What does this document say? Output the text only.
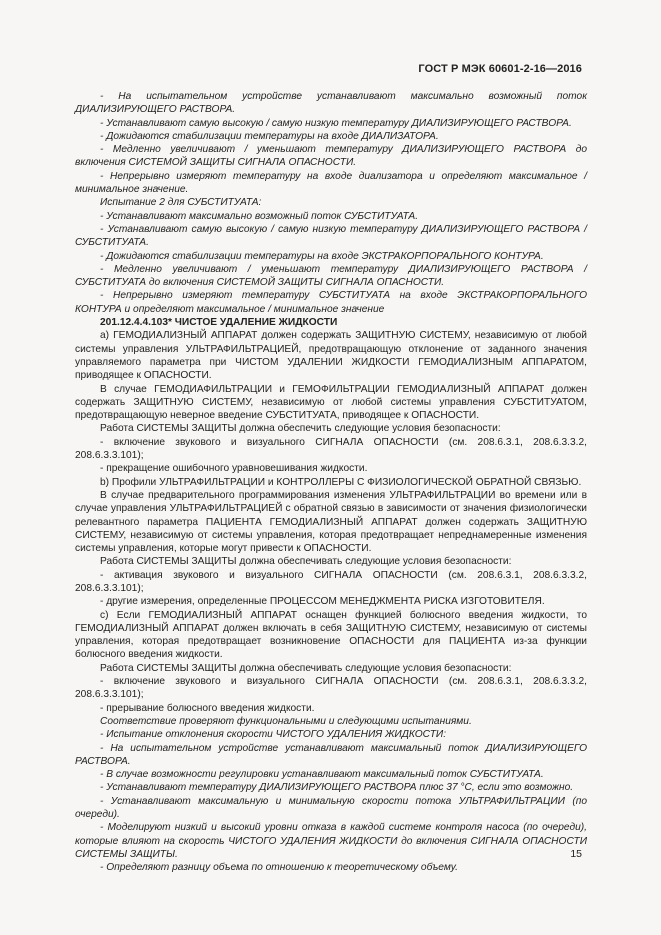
ГОСТ Р МЭК 60601-2-16—2016

- На испытательном устройстве устанавливают максимально возможный поток ДИАЛИЗИРУЮЩЕГО РАСТВОРА.

- Устанавливают самую высокую / самую низкую температуру ДИАЛИЗИРУЮЩЕГО РАСТВОРА.

- Дожидаются стабилизации температуры на входе ДИАЛИЗАТОРА.

- Медленно увеличивают / уменьшают температуру ДИАЛИЗИРУЮЩЕГО РАСТВОРА до включения СИСТЕМОЙ ЗАЩИТЫ СИГНАЛА ОПАСНОСТИ.

- Непрерывно измеряют температуру на входе диализатора и определяют максимальное / минимальное значение.

Испытание 2 для СУБСТИТУАТА:

- Устанавливают максимально возможный поток СУБСТИТУАТА.

- Устанавливают самую высокую / самую низкую температуру ДИАЛИЗИРУЮЩЕГО РАСТВОРА / СУБСТИТУАТА.

- Дожидаются стабилизации температуры на входе ЭКСТРАКОРПОРАЛЬНОГО КОНТУРА.

- Медленно увеличивают / уменьшают температуру ДИАЛИЗИРУЮЩЕГО РАСТВОРА / СУБСТИТУАТА до включения СИСТЕМОЙ ЗАЩИТЫ СИГНАЛА ОПАСНОСТИ.

- Непрерывно измеряют температуру СУБСТИТУАТА на входе ЭКСТРАКОРПОРАЛЬНОГО КОНТУРА и определяют максимальное / минимальное значение

201.12.4.4.103* ЧИСТОЕ УДАЛЕНИЕ ЖИДКОСТИ

а) ГЕМОДИАЛИЗНЫЙ АППАРАТ должен содержать ЗАЩИТНУЮ СИСТЕМУ, независимую от любой системы управления УЛЬТРАФИЛЬТРАЦИЕЙ, предотвращающую отклонение от заданного значения управляемого параметра при ЧИСТОМ УДАЛЕНИИ ЖИДКОСТИ ГЕМОДИАЛИЗНЫМ АППАРАТОМ, приводящее к ОПАСНОСТИ.

В случае ГЕМОДИАФИЛЬТРАЦИИ и ГЕМОФИЛЬТРАЦИИ ГЕМОДИАЛИЗНЫЙ АППАРАТ должен содержать ЗАЩИТНУЮ СИСТЕМУ, независимую от любой системы управления СУБСТИТУАТОМ, предотвращающую неверное введение СУБСТИТУАТА, приводящее к ОПАСНОСТИ.

Работа СИСТЕМЫ ЗАЩИТЫ должна обеспечить следующие условия безопасности:

- включение звукового и визуального СИГНАЛА ОПАСНОСТИ (см. 208.6.3.1, 208.6.3.3.2, 208.6.3.3.101);

- прекращение ошибочного уравновешивания жидкости.

b) Профили УЛЬТРАФИЛЬТРАЦИИ и КОНТРОЛЛЕРЫ С ФИЗИОЛОГИЧЕСКОЙ ОБРАТНОЙ СВЯЗЬЮ.

В случае предварительного программирования изменения УЛЬТРАФИЛЬТРАЦИИ во времени или в случае управления УЛЬТРАФИЛЬТРАЦИЕЙ с обратной связью в зависимости от значения физиологически релевантного параметра ПАЦИЕНТА ГЕМОДИАЛИЗНЫЙ АППАРАТ должен содержать ЗАЩИТНУЮ СИСТЕМУ, независимую от системы управления, которая предотвращает непреднамеренные изменения системы управления, которые могут привести к ОПАСНОСТИ.

Работа СИСТЕМЫ ЗАЩИТЫ должна обеспечивать следующие условия безопасности:

- активация звукового и визуального СИГНАЛА ОПАСНОСТИ (см. 208.6.3.1, 208.6.3.3.2, 208.6.3.3.101);

- другие измерения, определенные ПРОЦЕССОМ МЕНЕДЖМЕНТА РИСКА ИЗГОТОВИТЕЛЯ.

c) Если ГЕМОДИАЛИЗНЫЙ АППАРАТ оснащен функцией болюсного введения жидкости, то ГЕМОДИАЛИЗНЫЙ АППАРАТ должен включать в себя ЗАЩИТНУЮ СИСТЕМУ, независимую от системы управления, которая предотвращает возникновение ОПАСНОСТИ для ПАЦИЕНТА из-за функции болюсного введения жидкости.

Работа СИСТЕМЫ ЗАЩИТЫ должна обеспечивать следующие условия безопасности:

- включение звукового и визуального СИГНАЛА ОПАСНОСТИ (см. 208.6.3.1, 208.6.3.3.2, 208.6.3.3.101);

- прерывание болюсного введения жидкости.

Соответствие проверяют функциональными и следующими испытаниями.

- Испытание отклонения скорости ЧИСТОГО УДАЛЕНИЯ ЖИДКОСТИ:

- На испытательном устройстве устанавливают максимальный поток ДИАЛИЗИРУЮЩЕГО РАСТВОРА.

- В случае возможности регулировки устанавливают максимальный поток СУБСТИТУАТА.

- Устанавливают температуру ДИАЛИЗИРУЮЩЕГО РАСТВОРА плюс 37 °С, если это возможно.

- Устанавливают максимальную и минимальную скорости потока УЛЬТРАФИЛЬТРАЦИИ (по очереди).

- Моделируют низкий и высокий уровни отказа в каждой системе контроля насоса (по очереди), которые влияют на скорость ЧИСТОГО УДАЛЕНИЯ ЖИДКОСТИ до включения СИГНАЛА ОПАСНОСТИ СИСТЕМЫ ЗАЩИТЫ.

- Определяют разницу объема по отношению к теоретическому объему.

15
